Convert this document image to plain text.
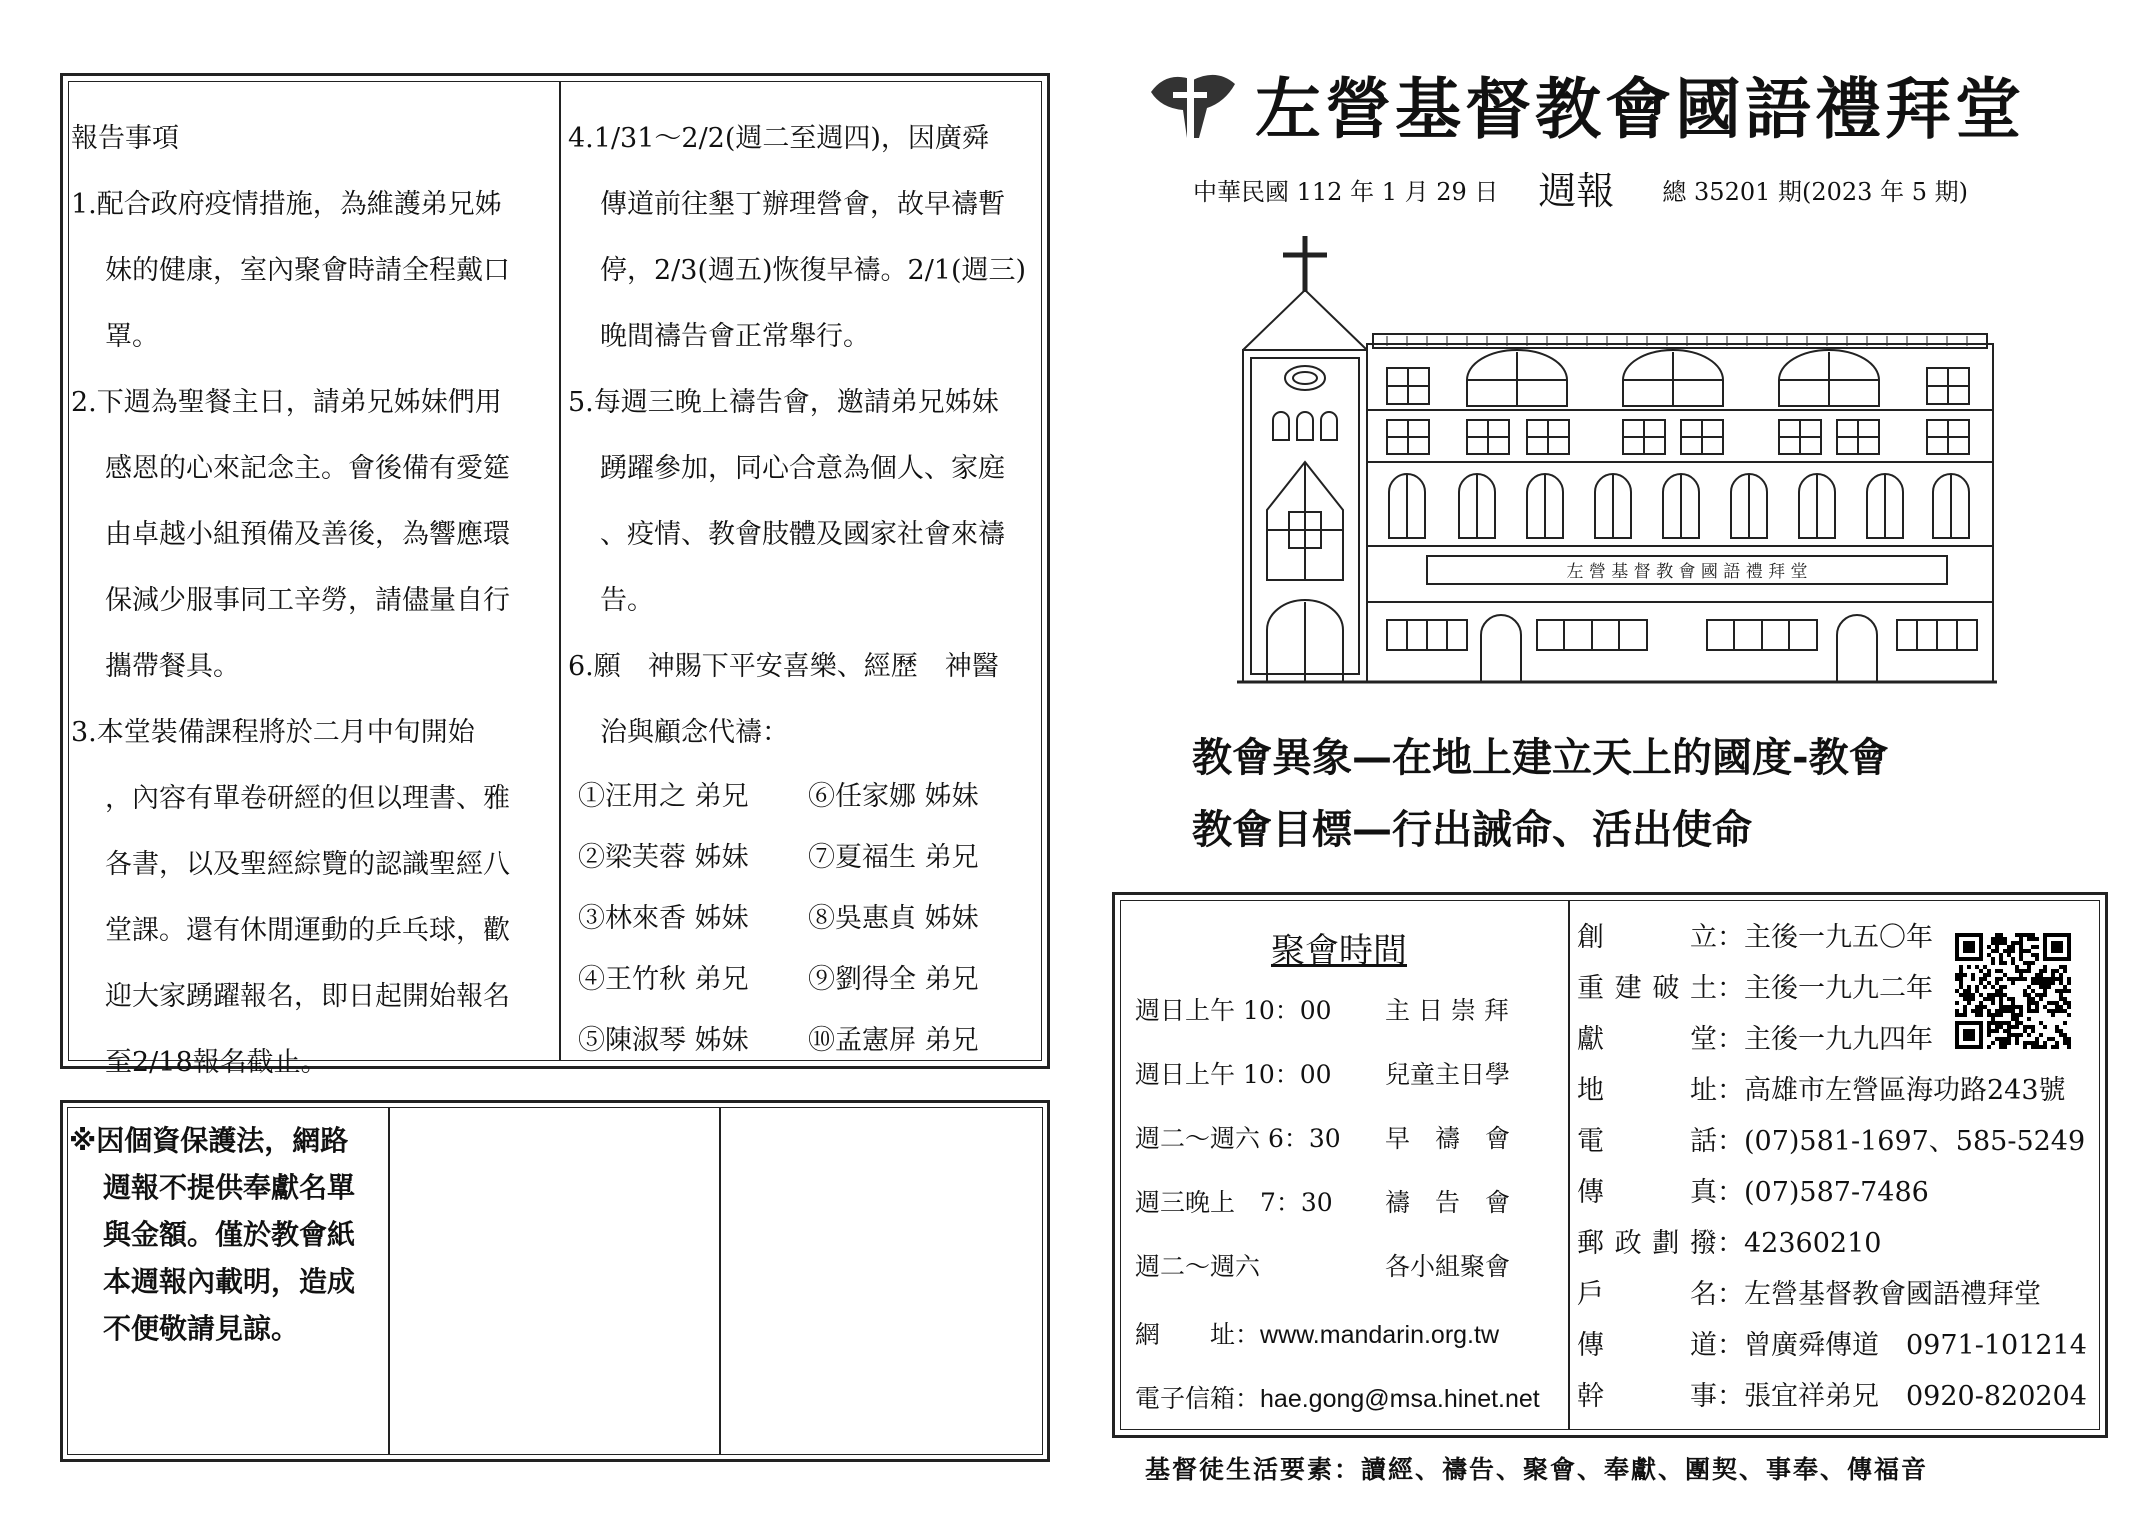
報告事項
1.配合政府疫情措施，為維護弟兄姊
妹的健康，室內聚會時請全程戴口
罩。
2.下週為聖餐主日，請弟兄姊妹們用
感恩的心來記念主。會後備有愛筵
由卓越小組預備及善後，為響應環
保減少服事同工辛勞，請儘量自行
攜帶餐具。
3.本堂裝備課程將於二月中旬開始
，內容有單卷研經的但以理書、雅
各書，以及聖經綜覽的認識聖經八
堂課。還有休閒運動的乒乓球，歡
迎大家踴躍報名，即日起開始報名
至2/18報名截止。
4.1/31～2/2(週二至週四)，因廣舜
傳道前往墾丁辦理營會，故早禱暫
停，2/3(週五)恢復早禱。2/1(週三)
晚間禱告會正常舉行。
5.每週三晚上禱告會，邀請弟兄姊妹
踴躍參加，同心合意為個人、家庭
、疫情、教會肢體及國家社會來禱
告。
6.願　神賜下平安喜樂、經歷　神醫
治與顧念代禱：
①汪用之 弟兄	⑥任家娜 姊妹
②梁芙蓉 姊妹	⑦夏福生 弟兄
③林來香 姊妹	⑧吳惠貞 姊妹
④王竹秋 弟兄	⑨劉得全 弟兄
⑤陳淑琴 姊妹	⑩孟憲屏 弟兄
※因個資保護法，網路
週報不提供奉獻名單
與金額。僅於教會紙
本週報內載明，造成
不便敬請見諒。
左營基督教會國語禮拜堂
中華民國 112 年 1 月 29 日 週報 總 35201 期(2023 年 5 期)
左 營 基 督 教 會 國 語 禮 拜 堂
教會異象—在地上建立天上的國度-教會
教會目標—行出誡命、活出使命
聚會時間
週日上午 10：00	主 日 崇 拜
週日上午 10：00	兒童主日學
週二～週六 6：30	早　禱　會
週三晚上　7：30	禱　告　會
週二～週六	各小組聚會
網　　址：www.mandarin.org.tw
電子信箱：hae.gong@msa.hinet.net
創立：主後一九五〇年
重建破土：主後一九九二年
獻堂：主後一九九四年
地址：高雄市左營區海功路243號
電話：(07)581-1697、585-5249
傳真：(07)587-7486
郵政劃撥：42360210
戶名：左營基督教會國語禮拜堂
傳道：曾廣舜傳道　0971-101214
幹事：張宜祥弟兄　0920-820204
基督徒生活要素：讀經、禱告、聚會、奉獻、團契、事奉、傳福音
